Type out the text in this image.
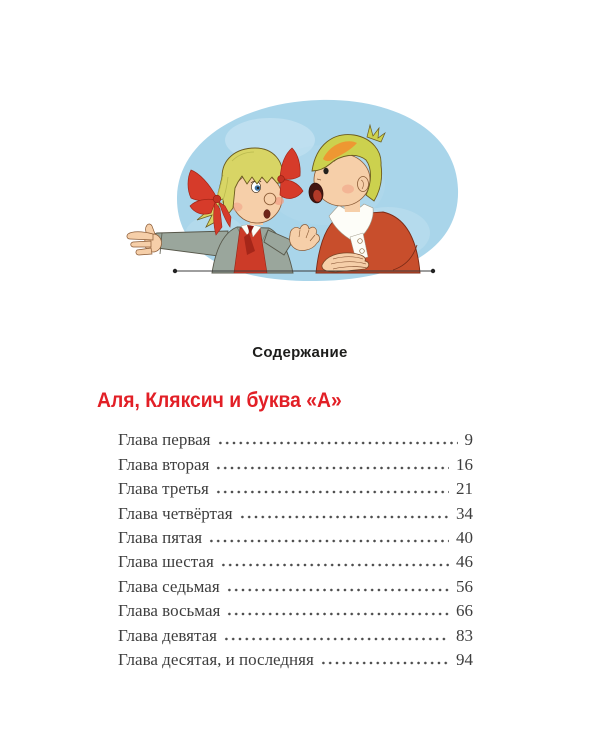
Содержание
Аля, Кляксич и буква «А»
Глава первая	9
Глава вторая	16
Глава третья	21
Глава четвёртая	34
Глава пятая	40
Глава шестая	46
Глава седьмая	56
Глава восьмая	66
Глава девятая	83
Глава десятая, и последняя	94
